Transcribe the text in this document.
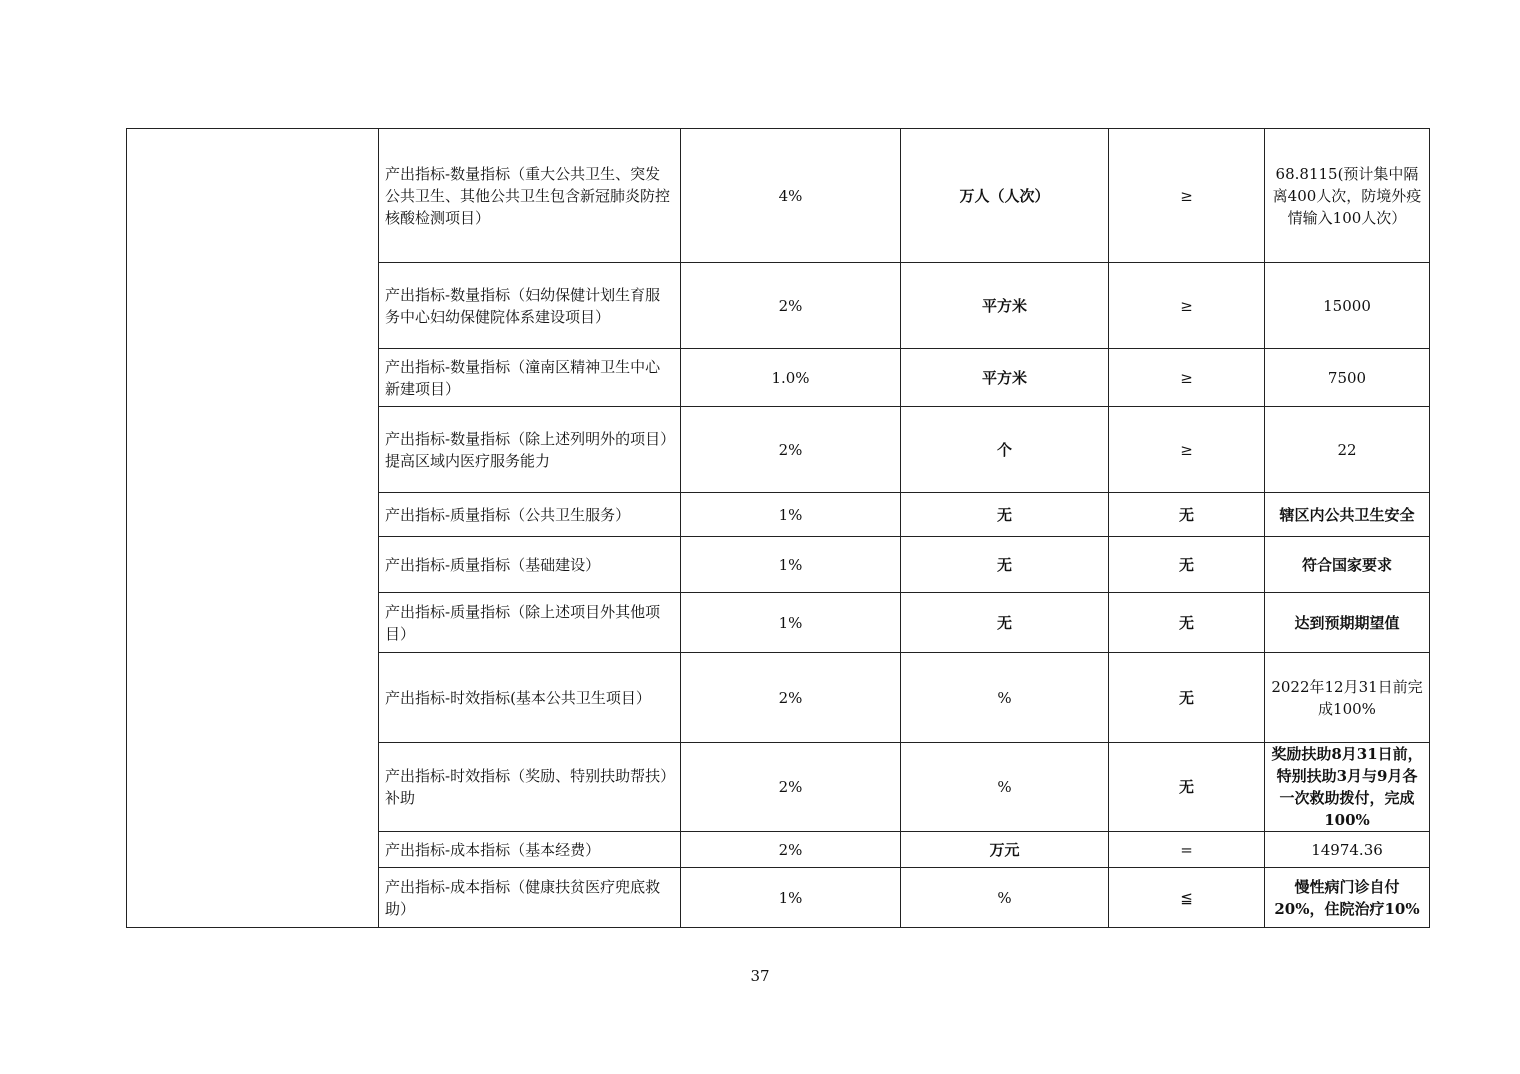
	产出指标-数量指标（重大公共卫生、突发公共卫生、其他公共卫生包含新冠肺炎防控核酸检测项目）	4%	万人（人次）	≥	68.8115(预计集中隔离400人次，防境外疫情输入100人次）
	产出指标-数量指标（妇幼保健计划生育服务中心妇幼保健院体系建设项目）	2%	平方米	≥	15000
	产出指标-数量指标（潼南区精神卫生中心新建项目）	1.0%	平方米	≥	7500
	产出指标-数量指标（除上述列明外的项目）提高区域内医疗服务能力	2%	个	≥	22
	产出指标-质量指标（公共卫生服务）	1%	无	无	辖区内公共卫生安全
	产出指标-质量指标（基础建设）	1%	无	无	符合国家要求
	产出指标-质量指标（除上述项目外其他项目）	1%	无	无	达到预期期望值
	产出指标-时效指标(基本公共卫生项目）	2%	%	无	2022年12月31日前完成100%
	产出指标-时效指标（奖励、特别扶助帮扶）补助	2%	%	无	奖励扶助8月31日前，特别扶助3月与9月各一次救助拨付，完成100%
	产出指标-成本指标（基本经费）	2%	万元	=	14974.36
	产出指标-成本指标（健康扶贫医疗兜底救助）	1%	%	≦	慢性病门诊自付20%，住院治疗10%
37
